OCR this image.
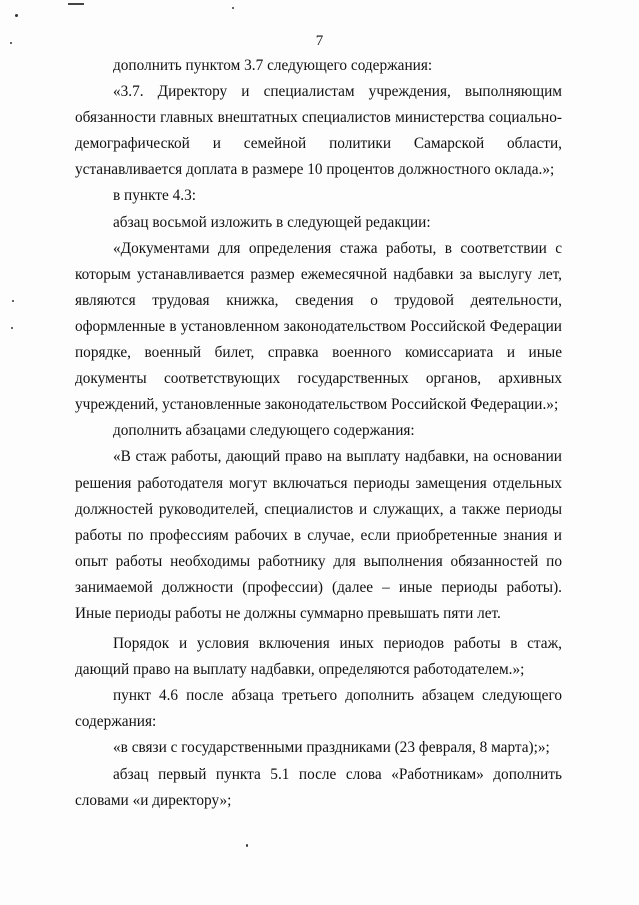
7

дополнить пунктом 3.7 следующего содержания:

«3.7. Директору и специалистам учреждения, выполняющим обязанности главных внештатных специалистов министерства социально-демографической и семейной политики Самарской области, устанавливается доплата в размере 10 процентов должностного оклада.»;

в пункте 4.3:

абзац восьмой изложить в следующей редакции:

«Документами для определения стажа работы, в соответствии с которым устанавливается размер ежемесячной надбавки за выслугу лет, являются трудовая книжка, сведения о трудовой деятельности, оформленные в установленном законодательством Российской Федерации порядке, военный билет, справка военного комиссариата и иные документы соответствующих государственных органов, архивных учреждений, установленные законодательством Российской Федерации.»;

дополнить абзацами следующего содержания:

«В стаж работы, дающий право на выплату надбавки, на основании решения работодателя могут включаться периоды замещения отдельных должностей руководителей, специалистов и служащих, а также периоды работы по профессиям рабочих в случае, если приобретенные знания и опыт работы необходимы работнику для выполнения обязанностей по занимаемой должности (профессии) (далее – иные периоды работы). Иные периоды работы не должны суммарно превышать пяти лет.

Порядок и условия включения иных периодов работы в стаж, дающий право на выплату надбавки, определяются работодателем.»;

пункт 4.6 после абзаца третьего дополнить абзацем следующего содержания:

«в связи с государственными праздниками (23 февраля, 8 марта);»;

абзац первый пункта 5.1 после слова «Работникам» дополнить словами «и директору»;
